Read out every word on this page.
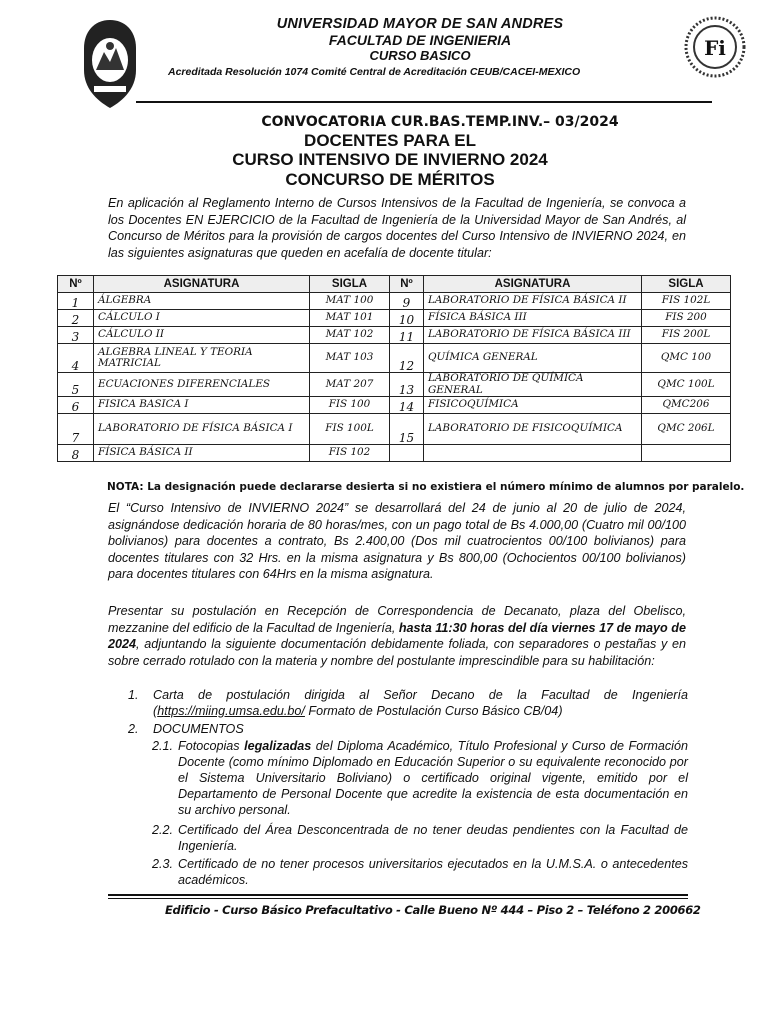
Fi
UNIVERSIDAD MAYOR DE SAN ANDRES
FACULTAD DE INGENIERIA
CURSO BASICO
Acreditada Resolución 1074 Comité Central de Acreditación CEUB/CACEI-MEXICO
CONVOCATORIA CUR.BAS.TEMP.INV.– 03/2024
DOCENTES PARA EL
CURSO INTENSIVO DE INVIERNO 2024
CONCURSO DE MÉRITOS
En aplicación al Reglamento Interno de Cursos Intensivos de la Facultad de Ingeniería, se convoca a los Docentes EN EJERCICIO de la Facultad de Ingeniería de la Universidad Mayor de San Andrés, al Concurso de Méritos para la provisión de cargos docentes del Curso Intensivo de INVIERNO 2024, en las siguientes asignaturas que queden en acefalía de docente titular:
Nº	ASIGNATURA	SIGLA	Nº	ASIGNATURA	SIGLA
1	ÁLGEBRA	MAT 100	9	LABORATORIO DE FÍSICA BÁSICA II	FIS 102L
2	CÁLCULO I	MAT 101	10	FÍSICA BÁSICA III	FIS 200
3	CÁLCULO II	MAT 102	11	LABORATORIO DE FÍSICA BÁSICA III	FIS 200L
4	ALGEBRA LINEAL Y TEORIA MATRICIAL	MAT 103	12	QUÍMICA GENERAL	QMC 100
5	ECUACIONES DIFERENCIALES	MAT 207	13	LABORATORIO DE QUÍMICA GENERAL	QMC 100L
6	FISICA BASICA I	FIS 100	14	FISICOQUÍMICA	QMC206
7	LABORATORIO DE FÍSICA BÁSICA I	FIS 100L	15	LABORATORIO DE FISICOQUÍMICA	QMC 206L
8	FÍSICA BÁSICA II	FIS 102			
NOTA: La designación puede declararse desierta si no existiera el número mínimo de alumnos por paralelo.
El “Curso Intensivo de INVIERNO 2024” se desarrollará del 24 de junio al 20 de julio de 2024, asignándose dedicación horaria de 80 horas/mes, con un pago total de Bs 4.000,00 (Cuatro mil 00/100 bolivianos) para docentes a contrato, Bs 2.400,00 (Dos mil cuatrocientos 00/100 bolivianos) para docentes titulares con 32 Hrs. en la misma asignatura y Bs 800,00 (Ochocientos 00/100 bolivianos) para docentes titulares con 64Hrs en la misma asignatura.
Presentar su postulación en Recepción de Correspondencia de Decanato, plaza del Obelisco, mezzanine del edificio de la Facultad de Ingeniería, hasta 11:30 horas del día viernes 17 de mayo de 2024, adjuntando la siguiente documentación debidamente foliada, con separadores o pestañas y en sobre cerrado rotulado con la materia y nombre del postulante imprescindible para su habilitación:
1. Carta de postulación dirigida al Señor Decano de la Facultad de Ingeniería (https://miing.umsa.edu.bo/ Formato de Postulación Curso Básico CB/04)
2. DOCUMENTOS
2.1. Fotocopias legalizadas del Diploma Académico, Título Profesional y Curso de Formación Docente (como mínimo Diplomado en Educación Superior o su equivalente reconocido por el Sistema Universitario Boliviano) o certificado original vigente, emitido por el Departamento de Personal Docente que acredite la existencia de esta documentación en su archivo personal.
2.2. Certificado del Área Desconcentrada de no tener deudas pendientes con la Facultad de Ingeniería.
2.3. Certificado de no tener procesos universitarios ejecutados en la U.M.S.A. o antecedentes académicos.
Edificio - Curso Básico Prefacultativo - Calle Bueno Nº 444 – Piso 2 – Teléfono 2 200662
